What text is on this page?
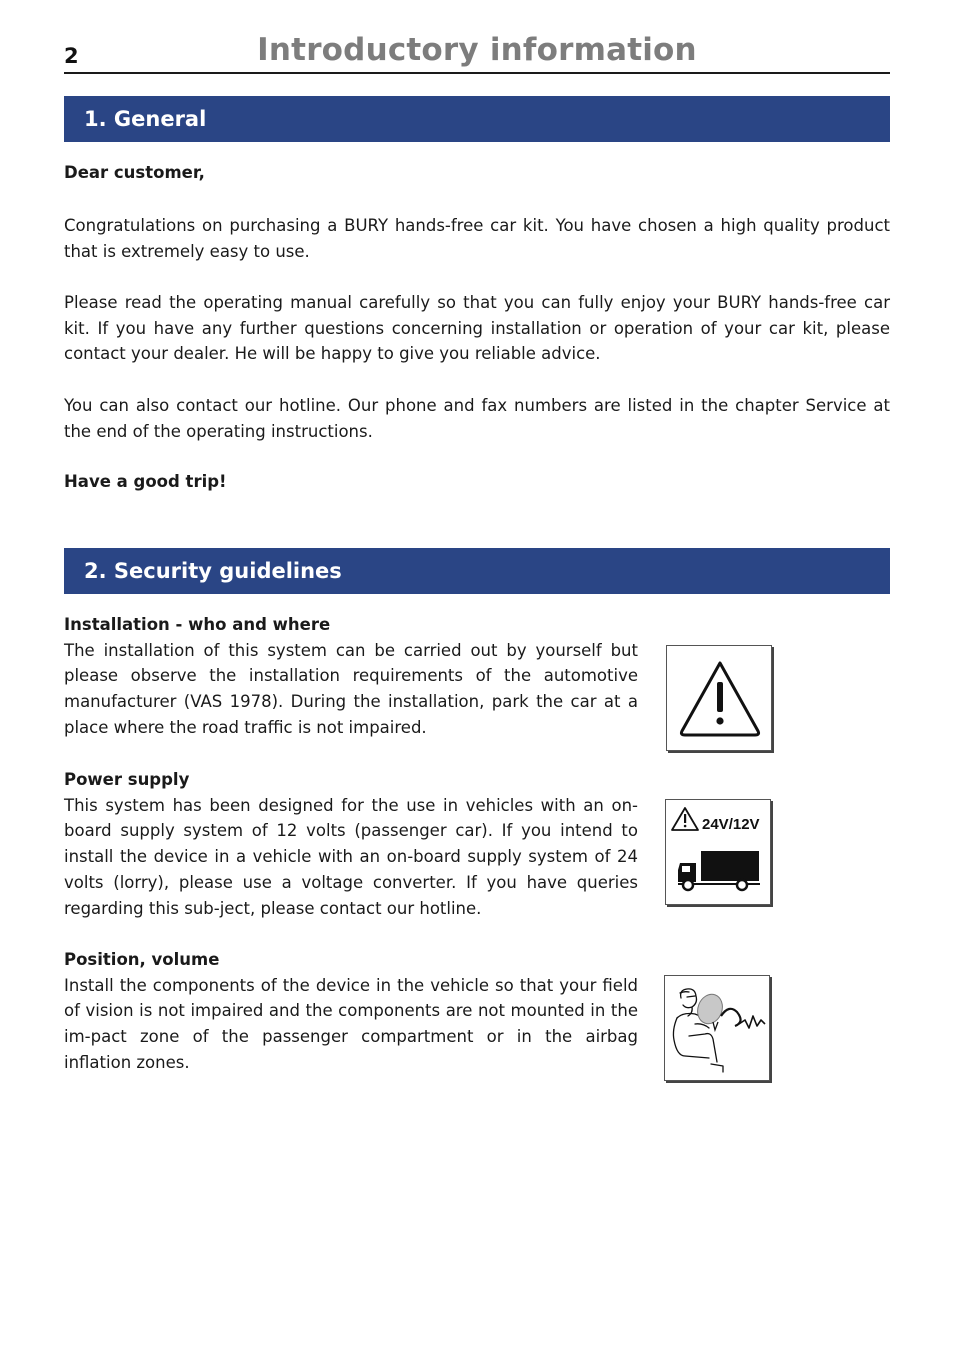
2	Introductory information
1. General
Dear customer,

Congratulations on purchasing a BURY hands-free car kit. You have chosen a high quality product that is extremely easy to use.

Please read the operating manual carefully so that you can fully enjoy your BURY hands-free car kit. If you have any further questions concerning installation or operation of your car kit, please contact your dealer. He will be happy to give you reliable advice.

You can also contact our hotline. Our phone and fax numbers are listed in the chapter Service at the end of the operating instructions.

Have a good trip!
2. Security guidelines
Installation - who and where

The installation of this system can be carried out by yourself but please observe the installation requirements of the automotive manufacturer (VAS 1978). During the installation, park the car at a place where the road traffic is not impaired.

Power supply

This system has been designed for the use in vehicles with an on-board supply system of 12 volts (passenger car). If you intend to install the device in a vehicle with an on-board supply system of 24 volts (lorry), please use a voltage converter. If you have queries regarding this sub-ject, please contact our hotline.

24V/12V
Position, volume

Install the components of the device in the vehicle so that your field of vision is not impaired and the components are not mounted in the im-pact zone of the passenger compartment or in the airbag inflation zones.
